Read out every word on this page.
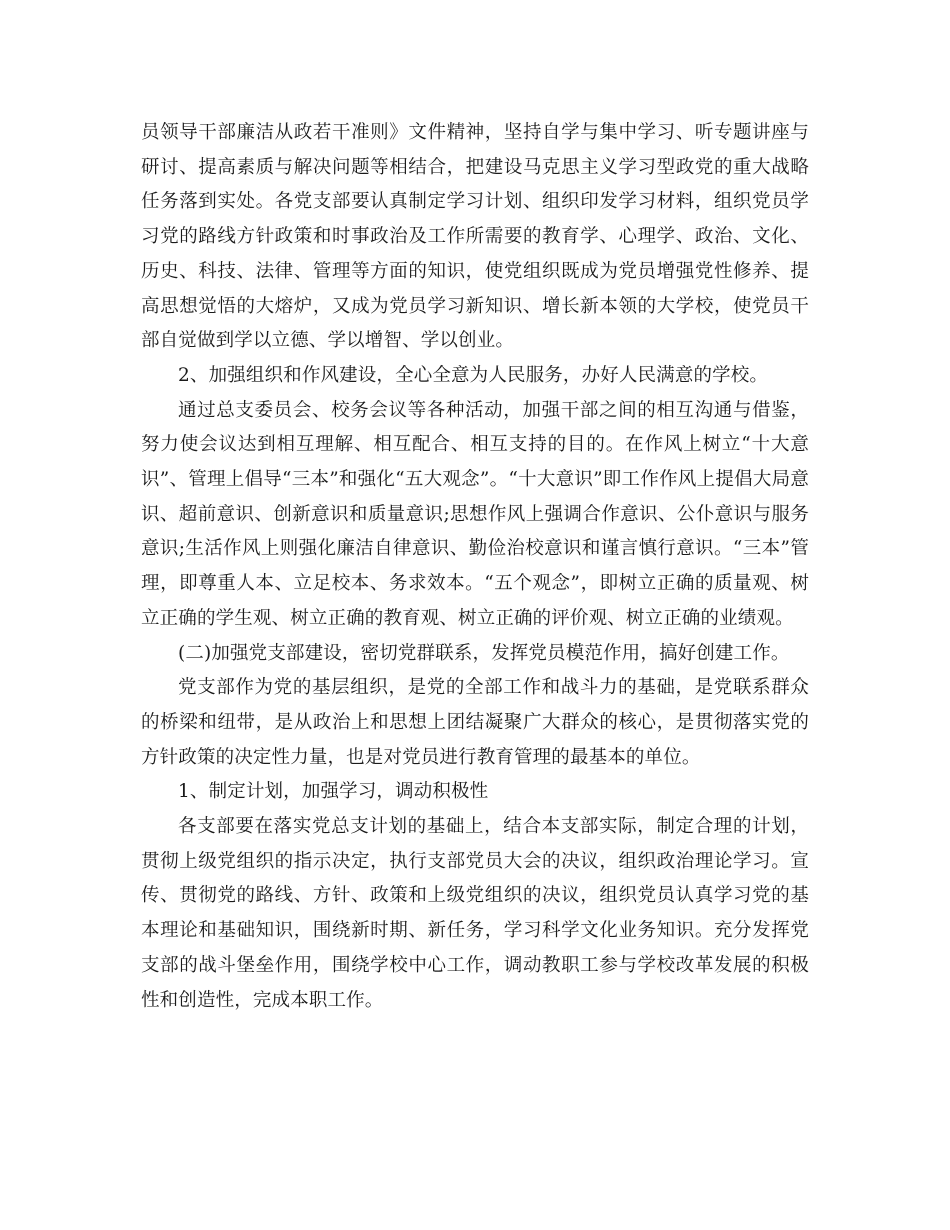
员领导干部廉洁从政若干准则》文件精神，坚持自学与集中学习、听专题讲座与研讨、提高素质与解决问题等相结合，把建设马克思主义学习型政党的重大战略任务落到实处。各党支部要认真制定学习计划、组织印发学习材料，组织党员学习党的路线方针政策和时事政治及工作所需要的教育学、心理学、政治、文化、历史、科技、法律、管理等方面的知识，使党组织既成为党员增强党性修养、提高思想觉悟的大熔炉，又成为党员学习新知识、增长新本领的大学校，使党员干部自觉做到学以立德、学以增智、学以创业。

2、加强组织和作风建设，全心全意为人民服务，办好人民满意的学校。

通过总支委员会、校务会议等各种活动，加强干部之间的相互沟通与借鉴，努力使会议达到相互理解、相互配合、相互支持的目的。在作风上树立“十大意识”、管理上倡导“三本”和强化“五大观念”。“十大意识”即工作作风上提倡大局意识、超前意识、创新意识和质量意识;思想作风上强调合作意识、公仆意识与服务意识;生活作风上则强化廉洁自律意识、勤俭治校意识和谨言慎行意识。“三本”管理，即尊重人本、立足校本、务求效本。“五个观念”，即树立正确的质量观、树立正确的学生观、树立正确的教育观、树立正确的评价观、树立正确的业绩观。

(二)加强党支部建设，密切党群联系，发挥党员模范作用，搞好创建工作。

党支部作为党的基层组织，是党的全部工作和战斗力的基础，是党联系群众的桥梁和纽带，是从政治上和思想上团结凝聚广大群众的核心，是贯彻落实党的方针政策的决定性力量，也是对党员进行教育管理的最基本的单位。

1、制定计划，加强学习，调动积极性

各支部要在落实党总支计划的基础上，结合本支部实际，制定合理的计划，贯彻上级党组织的指示决定，执行支部党员大会的决议，组织政治理论学习。宣传、贯彻党的路线、方针、政策和上级党组织的决议，组织党员认真学习党的基本理论和基础知识，围绕新时期、新任务，学习科学文化业务知识。充分发挥党支部的战斗堡垒作用，围绕学校中心工作，调动教职工参与学校改革发展的积极性和创造性，完成本职工作。
